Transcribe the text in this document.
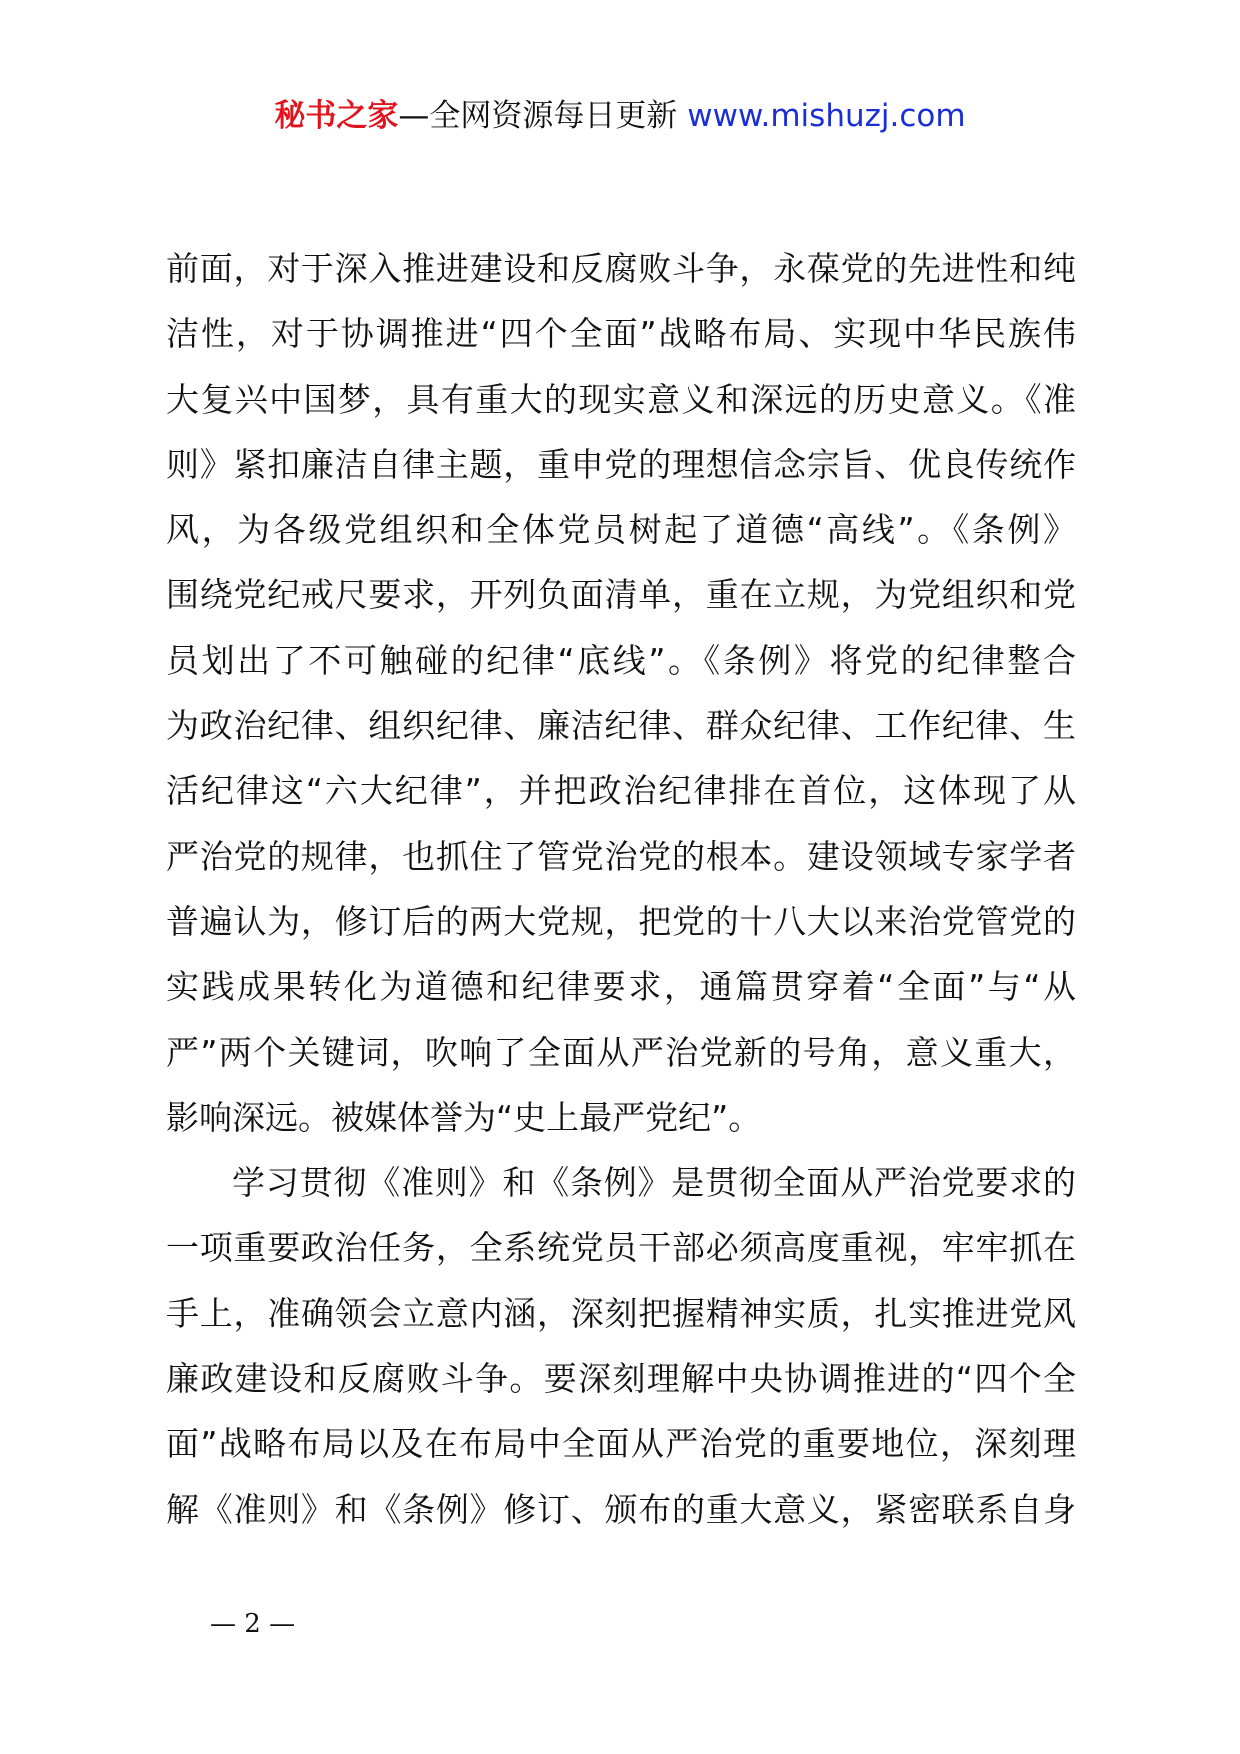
秘书之家—全网资源每日更新 www.mishuzj.com
前面，对于深入推进建设和反腐败斗争，永葆党的先进性和纯
洁性，对于协调推进“四个全面”战略布局、实现中华民族伟
大复兴中国梦，具有重大的现实意义和深远的历史意义。《准
则》紧扣廉洁自律主题，重申党的理想信念宗旨、优良传统作
风，为各级党组织和全体党员树起了道德“高线”。《条例》
围绕党纪戒尺要求，开列负面清单，重在立规，为党组织和党
员划出了不可触碰的纪律“底线”。《条例》将党的纪律整合
为政治纪律、组织纪律、廉洁纪律、群众纪律、工作纪律、生
活纪律这“六大纪律”，并把政治纪律排在首位，这体现了从
严治党的规律，也抓住了管党治党的根本。建设领域专家学者
普遍认为，修订后的两大党规，把党的十八大以来治党管党的
实践成果转化为道德和纪律要求，通篇贯穿着“全面”与“从
严”两个关键词，吹响了全面从严治党新的号角，意义重大，
影响深远。被媒体誉为“史上最严党纪”。
学习贯彻《准则》和《条例》是贯彻全面从严治党要求的
一项重要政治任务，全系统党员干部必须高度重视，牢牢抓在
手上，准确领会立意内涵，深刻把握精神实质，扎实推进党风
廉政建设和反腐败斗争。要深刻理解中央协调推进的“四个全
面”战略布局以及在布局中全面从严治党的重要地位，深刻理
解《准则》和《条例》修订、颁布的重大意义，紧密联系自身
— 2 —
